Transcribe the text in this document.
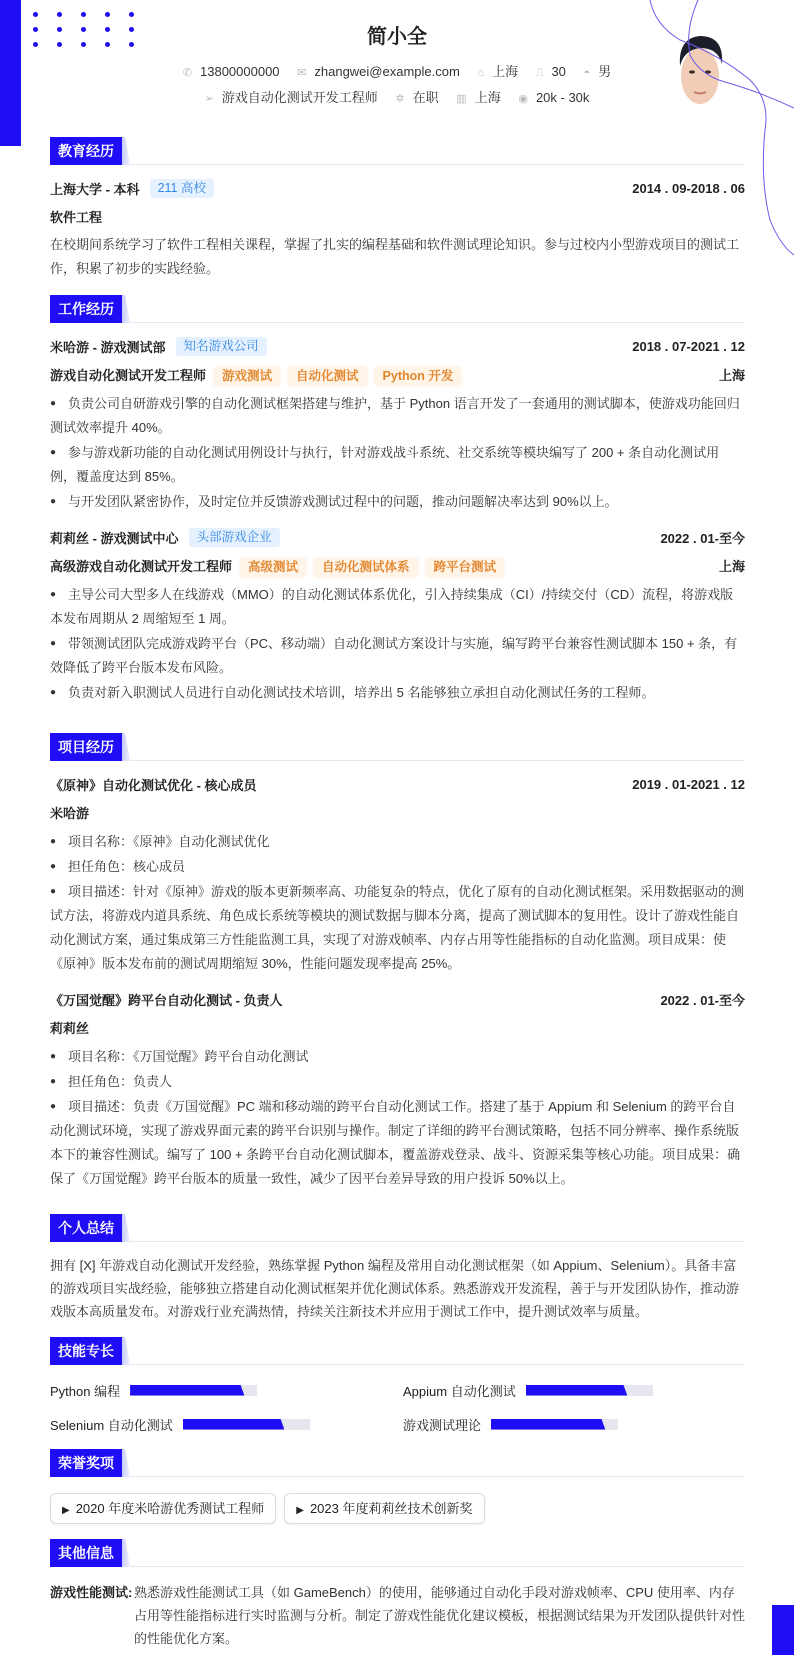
简小全
✆ 13800000000 ✉ zhangwei@example.com ⌂ 上海 ⎍ 30 ◓ 男
➢ 游戏自动化测试开发工程师 ✲ 在职 ▥ 上海 ◉ 20k - 30k
教育经历
上海大学 - 本科	211 高校	2014 . 09-2018 . 06
软件工程
在校期间系统学习了软件工程相关课程，掌握了扎实的编程基础和软件测试理论知识。参与过校内小型游戏项目的测试工作，积累了初步的实践经验。
工作经历
米哈游 - 游戏测试部	知名游戏公司	2018 . 07-2021 . 12
游戏自动化测试开发工程师	游戏测试	自动化测试	Python 开发	上海
● 负责公司自研游戏引擎的自动化测试框架搭建与维护，基于 Python 语言开发了一套通用的测试脚本，使游戏功能回归测试效率提升 40%。
● 参与游戏新功能的自动化测试用例设计与执行，针对游戏战斗系统、社交系统等模块编写了 200 + 条自动化测试用例，覆盖度达到 85%。
● 与开发团队紧密协作，及时定位并反馈游戏测试过程中的问题，推动问题解决率达到 90%以上。
莉莉丝 - 游戏测试中心	头部游戏企业	2022 . 01-至今
高级游戏自动化测试开发工程师	高级测试	自动化测试体系	跨平台测试	上海
● 主导公司大型多人在线游戏（MMO）的自动化测试体系优化，引入持续集成（CI）/持续交付（CD）流程，将游戏版本发布周期从 2 周缩短至 1 周。
● 带领测试团队完成游戏跨平台（PC、移动端）自动化测试方案设计与实施，编写跨平台兼容性测试脚本 150 + 条，有效降低了跨平台版本发布风险。
● 负责对新入职测试人员进行自动化测试技术培训，培养出 5 名能够独立承担自动化测试任务的工程师。
项目经历
《原神》自动化测试优化 - 核心成员	2019 . 01-2021 . 12
米哈游
● 项目名称：《原神》自动化测试优化
● 担任角色：核心成员
● 项目描述：针对《原神》游戏的版本更新频率高、功能复杂的特点，优化了原有的自动化测试框架。采用数据驱动的测试方法，将游戏内道具系统、角色成长系统等模块的测试数据与脚本分离，提高了测试脚本的复用性。设计了游戏性能自动化测试方案，通过集成第三方性能监测工具，实现了对游戏帧率、内存占用等性能指标的自动化监测。项目成果：使《原神》版本发布前的测试周期缩短 30%，性能问题发现率提高 25%。
《万国觉醒》跨平台自动化测试 - 负责人	2022 . 01-至今
莉莉丝
● 项目名称：《万国觉醒》跨平台自动化测试
● 担任角色：负责人
● 项目描述：负责《万国觉醒》PC 端和移动端的跨平台自动化测试工作。搭建了基于 Appium 和 Selenium 的跨平台自动化测试环境，实现了游戏界面元素的跨平台识别与操作。制定了详细的跨平台测试策略，包括不同分辨率、操作系统版本下的兼容性测试。编写了 100 + 条跨平台自动化测试脚本，覆盖游戏登录、战斗、资源采集等核心功能。项目成果：确保了《万国觉醒》跨平台版本的质量一致性，减少了因平台差异导致的用户投诉 50%以上。
个人总结
拥有 [X] 年游戏自动化测试开发经验，熟练掌握 Python 编程及常用自动化测试框架（如 Appium、Selenium）。具备丰富的游戏项目实战经验，能够独立搭建自动化测试框架并优化测试体系。熟悉游戏开发流程，善于与开发团队协作，推动游戏版本高质量发布。对游戏行业充满热情，持续关注新技术并应用于测试工作中，提升测试效率与质量。
技能专长
Python 编程	Appium 自动化测试
Selenium 自动化测试	游戏测试理论
荣誉奖项
▶ 2020 年度米哈游优秀测试工程师	▶ 2023 年度莉莉丝技术创新奖
其他信息
游戏性能测试: 熟悉游戏性能测试工具（如 GameBench）的使用，能够通过自动化手段对游戏帧率、CPU 使用率、内存占用等性能指标进行实时监测与分析。制定了游戏性能优化建议模板，根据测试结果为开发团队提供针对性的性能优化方案。
